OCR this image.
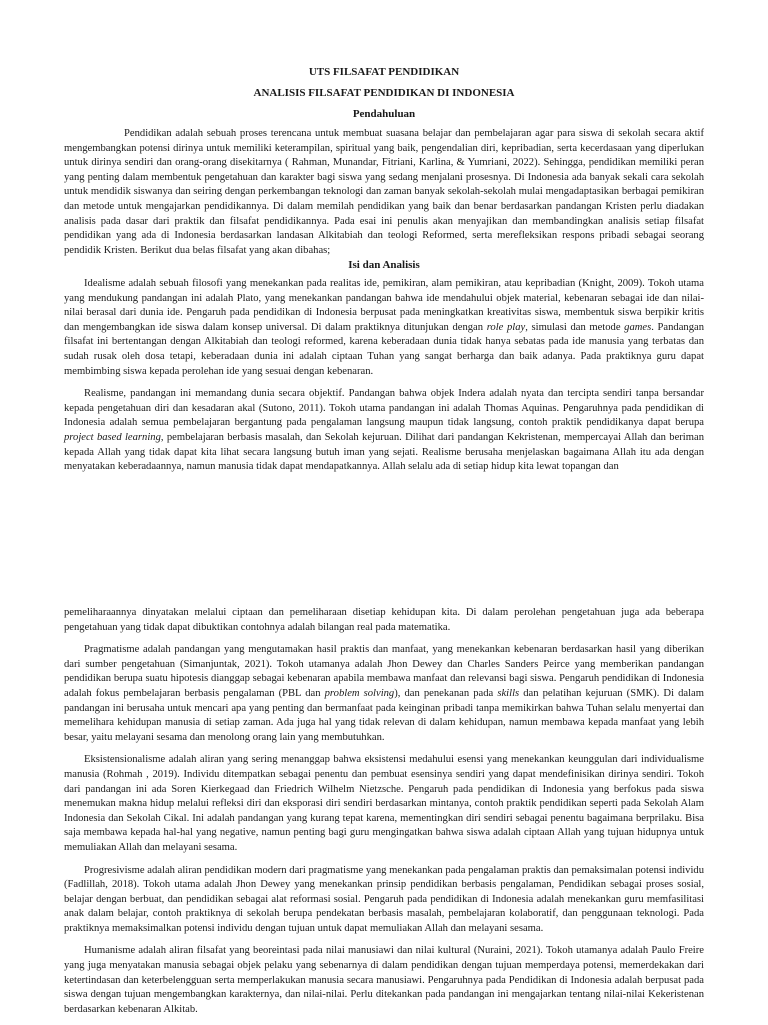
UTS FILSAFAT PENDIDIKAN
ANALISIS FILSAFAT PENDIDIKAN DI INDONESIA
Pendahuluan

Pendidikan adalah sebuah proses terencana untuk membuat suasana belajar dan pembelajaran agar para siswa di sekolah secara aktif mengembangkan potensi dirinya untuk memiliki keterampilan, spiritual yang baik, pengendalian diri, kepribadian, serta kecerdasaan yang diperlukan untuk dirinya sendiri dan orang-orang disekitarnya ( Rahman, Munandar, Fitriani, Karlina, & Yumriani, 2022). Sehingga, pendidikan memiliki peran yang penting dalam membentuk pengetahuan dan karakter bagi siswa yang sedang menjalani prosesnya. Di Indonesia ada banyak sekali cara sekolah untuk mendidik siswanya dan seiring dengan perkembangan teknologi dan zaman banyak sekolah-sekolah mulai mengadaptasikan berbagai pemikiran dan metode untuk mengajarkan pendidikannya. Di dalam memilah pendidikan yang baik dan benar berdasarkan pandangan Kristen perlu diadakan analisis pada dasar dari praktik dan filsafat pendidikannya. Pada esai ini penulis akan menyajikan dan membandingkan analisis setiap filsafat pendidikan yang ada di Indonesia berdasarkan landasan Alkitabiah dan teologi Reformed, serta merefleksikan respons pribadi sebagai seorang pendidik Kristen. Berikut dua belas filsafat yang akan dibahas;

Isi dan Analisis

Idealisme adalah sebuah filosofi yang menekankan pada realitas ide, pemikiran, alam pemikiran, atau kepribadian (Knight, 2009). Tokoh utama yang mendukung pandangan ini adalah Plato, yang menekankan pandangan bahwa ide mendahului objek material, kebenaran sebagai ide dan nilai-nilai berasal dari dunia ide. Pengaruh pada pendidikan di Indonesia berpusat pada meningkatkan kreativitas siswa, membentuk siswa berpikir kritis dan mengembangkan ide siswa dalam konsep universal. Di dalam praktiknya ditunjukan dengan role play, simulasi dan metode games. Pandangan filsafat ini bertentangan dengan Alkitabiah dan teologi reformed, karena keberadaan dunia tidak hanya sebatas pada ide manusia yang terbatas dan sudah rusak oleh dosa tetapi, keberadaan dunia ini adalah ciptaan Tuhan yang sangat berharga dan baik adanya. Pada praktiknya guru dapat membimbing siswa kepada perolehan ide yang sesuai dengan kebenaran.

Realisme, pandangan ini memandang dunia secara objektif. Pandangan bahwa objek Indera adalah nyata dan tercipta sendiri tanpa bersandar kepada pengetahuan diri dan kesadaran akal (Sutono, 2011). Tokoh utama pandangan ini adalah Thomas Aquinas. Pengaruhnya pada pendidikan di Indonesia adalah semua pembelajaran bergantung pada pengalaman langsung maupun tidak langsung, contoh praktik pendidikanya dapat berupa project based learning, pembelajaran berbasis masalah, dan Sekolah kejuruan. Dilihat dari pandangan Kekristenan, mempercayai Allah dan beriman kepada Allah yang tidak dapat kita lihat secara langsung butuh iman yang sejati. Realisme berusaha menjelaskan bagaimana Allah itu ada dengan menyatakan keberadaannya, namun manusia tidak dapat mendapatkannya. Allah selalu ada di setiap hidup kita lewat topangan dan

pemeliharaannya dinyatakan melalui ciptaan dan pemeliharaan disetiap kehidupan kita. Di dalam perolehan pengetahuan juga ada beberapa pengetahuan yang tidak dapat dibuktikan contohnya adalah bilangan real pada matematika.

Pragmatisme adalah pandangan yang mengutamakan hasil praktis dan manfaat, yang menekankan kebenaran berdasarkan hasil yang diberikan dari sumber pengetahuan (Simanjuntak, 2021). Tokoh utamanya adalah Jhon Dewey dan Charles Sanders Peirce yang memberikan pandangan pendidikan berupa suatu hipotesis dianggap sebagai kebenaran apabila membawa manfaat dan relevansi bagi siswa. Pengaruh pendidikan di Indonesia adalah fokus pembelajaran berbasis pengalaman (PBL dan problem solving), dan penekanan pada skills dan pelatihan kejuruan (SMK). Di dalam pandangan ini berusaha untuk mencari apa yang penting dan bermanfaat pada keinginan pribadi tanpa memikirkan bahwa Tuhan selalu menyertai dan memelihara kehidupan manusia di setiap zaman. Ada juga hal yang tidak relevan di dalam kehidupan, namun membawa kepada manfaat yang lebih besar, yaitu melayani sesama dan menolong orang lain yang membutuhkan.

Eksistensionalisme adalah aliran yang sering menanggap bahwa eksistensi medahului esensi yang menekankan keunggulan dari individualisme manusia (Rohmah , 2019). Individu ditempatkan sebagai penentu dan pembuat esensinya sendiri yang dapat mendefinisikan dirinya sendiri. Tokoh dari pandangan ini ada Soren Kierkegaad dan Friedrich Wilhelm Nietzsche. Pengaruh pada pendidikan di Indonesia yang berfokus pada siswa menemukan makna hidup melalui refleksi diri dan eksporasi diri sendiri berdasarkan mintanya, contoh praktik pendidikan seperti pada Sekolah Alam Indonesia dan Sekolah Cikal. Ini adalah pandangan yang kurang tepat karena, mementingkan diri sendiri sebagai penentu bagaimana berprilaku. Bisa saja membawa kepada hal-hal yang negative, namun penting bagi guru mengingatkan bahwa siswa adalah ciptaan Allah yang tujuan hidupnya untuk memuliakan Allah dan melayani sesama.

Progresivisme adalah aliran pendidikan modern dari pragmatisme yang menekankan pada pengalaman praktis dan pemaksimalan potensi individu (Fadlillah, 2018). Tokoh utama adalah Jhon Dewey yang menekankan prinsip pendidikan berbasis pengalaman, Pendidikan sebagai proses sosial, belajar dengan berbuat, dan pendidikan sebagai alat reformasi sosial. Pengaruh pada pendidikan di Indonesia adalah menekankan guru memfasilitasi anak dalam belajar, contoh praktiknya di sekolah berupa pendekatan berbasis masalah, pembelajaran kolaboratif, dan penggunaan teknologi. Pada praktiknya memaksimalkan potensi individu dengan tujuan untuk dapat memuliakan Allah dan melayani sesama.

Humanisme adalah aliran filsafat yang beoreintasi pada nilai manusiawi dan nilai kultural (Nuraini, 2021). Tokoh utamanya adalah Paulo Freire yang juga menyatakan manusia sebagai objek pelaku yang sebenarnya di dalam pendidikan dengan tujuan memperdaya potensi, memerdekakan dari ketertindasan dan keterbelengguan serta memperlakukan manusia secara manusiawi. Pengaruhnya pada Pendidikan di Indonesia adalah berpusat pada siswa dengan tujuan mengembangkan karakternya, dan nilai-nilai. Perlu ditekankan pada pandangan ini mengajarkan tentang nilai-nilai Kekeristenan berdasarkan kebenaran Alkitab.
